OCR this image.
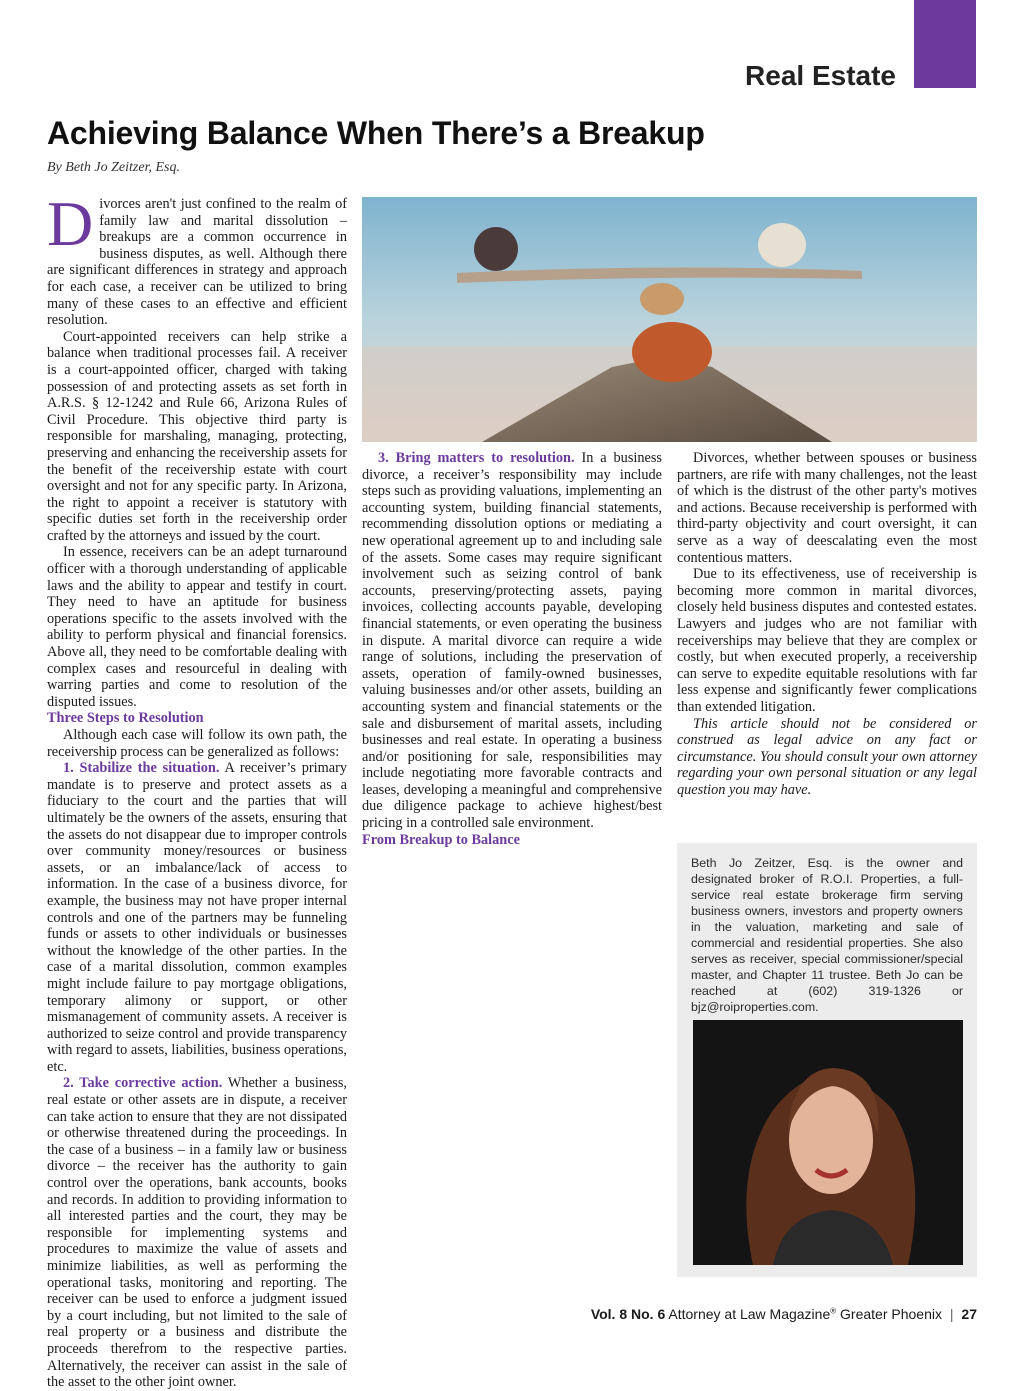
Real Estate
Achieving Balance When There’s a Breakup
By Beth Jo Zeitzer, Esq.

Divorces aren't just confined to the realm of family law and marital dissolution – breakups are a common occurrence in business disputes, as well. Although there are significant differences in strategy and approach for each case, a receiver can be utilized to bring many of these cases to an effective and efficient resolution.

Court-appointed receivers can help strike a balance when traditional processes fail. A receiver is a court-appointed officer, charged with taking possession of and protecting assets as set forth in A.R.S. § 12-1242 and Rule 66, Arizona Rules of Civil Procedure. This objective third party is responsible for marshaling, managing, protecting, preserving and enhancing the receivership assets for the benefit of the receivership estate with court oversight and not for any specific party. In Arizona, the right to appoint a receiver is statutory with specific duties set forth in the receivership order crafted by the attorneys and issued by the court.

In essence, receivers can be an adept turnaround officer with a thorough understanding of applicable laws and the ability to appear and testify in court. They need to have an aptitude for business operations specific to the assets involved with the ability to perform physical and financial forensics. Above all, they need to be comfortable dealing with complex cases and resourceful in dealing with warring parties and come to resolution of the disputed issues.

Three Steps to Resolution

Although each case will follow its own path, the receivership process can be generalized as follows:

1. Stabilize the situation. A receiver’s primary mandate is to preserve and protect assets as a fiduciary to the court and the parties that will ultimately be the owners of the assets, ensuring that the assets do not disappear due to improper controls over community money/resources or business assets, or an imbalance/lack of access to information. In the case of a business divorce, for example, the business may not have proper internal controls and one of the partners may be funneling funds or assets to other individuals or businesses without the knowledge of the other parties. In the case of a marital dissolution, common examples might include failure to pay mortgage obligations, temporary alimony or support, or other mismanagement of community assets. A receiver is authorized to seize control and provide transparency with regard to assets, liabilities, business operations, etc.

2. Take corrective action. Whether a business, real estate or other assets are in dispute, a receiver can take action to ensure that they are not dissipated or otherwise threatened during the proceedings. In the case of a business – in a family law or business divorce – the receiver has the authority to gain control over the operations, bank accounts, books and records. In addition to providing information to all interested parties and the court, they may be responsible for implementing systems and procedures to maximize the value of assets and minimize liabilities, as well as performing the operational tasks, monitoring and reporting. The receiver can be used to enforce a judgment issued by a court including, but not limited to the sale of real property or a business and distribute the proceeds therefrom to the respective parties. Alternatively, the receiver can assist in the sale of the asset to the other joint owner.

3. Bring matters to resolution. In a business divorce, a receiver’s responsibility may include steps such as providing valuations, implementing an accounting system, building financial statements, recommending dissolution options or mediating a new operational agreement up to and including sale of the assets. Some cases may require significant involvement such as seizing control of bank accounts, preserving/protecting assets, paying invoices, collecting accounts payable, developing financial statements, or even operating the business in dispute. A marital divorce can require a wide range of solutions, including the preservation of assets, operation of family-owned businesses, valuing businesses and/or other assets, building an accounting system and financial statements or the sale and disbursement of marital assets, including businesses and real estate. In operating a business and/or positioning for sale, responsibilities may include negotiating more favorable contracts and leases, developing a meaningful and comprehensive due diligence package to achieve highest/best pricing in a controlled sale environment.

From Breakup to Balance

Divorces, whether between spouses or business partners, are rife with many challenges, not the least of which is the distrust of the other party's motives and actions. Because receivership is performed with third-party objectivity and court oversight, it can serve as a way of deescalating even the most contentious matters.

Due to its effectiveness, use of receivership is becoming more common in marital divorces, closely held business disputes and contested estates. Lawyers and judges who are not familiar with receiverships may believe that they are complex or costly, but when executed properly, a receivership can serve to expedite equitable resolutions with far less expense and significantly fewer complications than extended litigation.

This article should not be considered or construed as legal advice on any fact or circumstance. You should consult your own attorney regarding your own personal situation or any legal question you may have.

Beth Jo Zeitzer, Esq. is the owner and designated broker of R.O.I. Properties, a full-service real estate brokerage firm serving business owners, investors and property owners in the valuation, marketing and sale of commercial and residential properties. She also serves as receiver, special commissioner/special master, and Chapter 11 trustee. Beth Jo can be reached at (602) 319-1326 or bjz@roiproperties.com.

Vol. 8 No. 6 Attorney at Law Magazine® Greater Phoenix | 27
